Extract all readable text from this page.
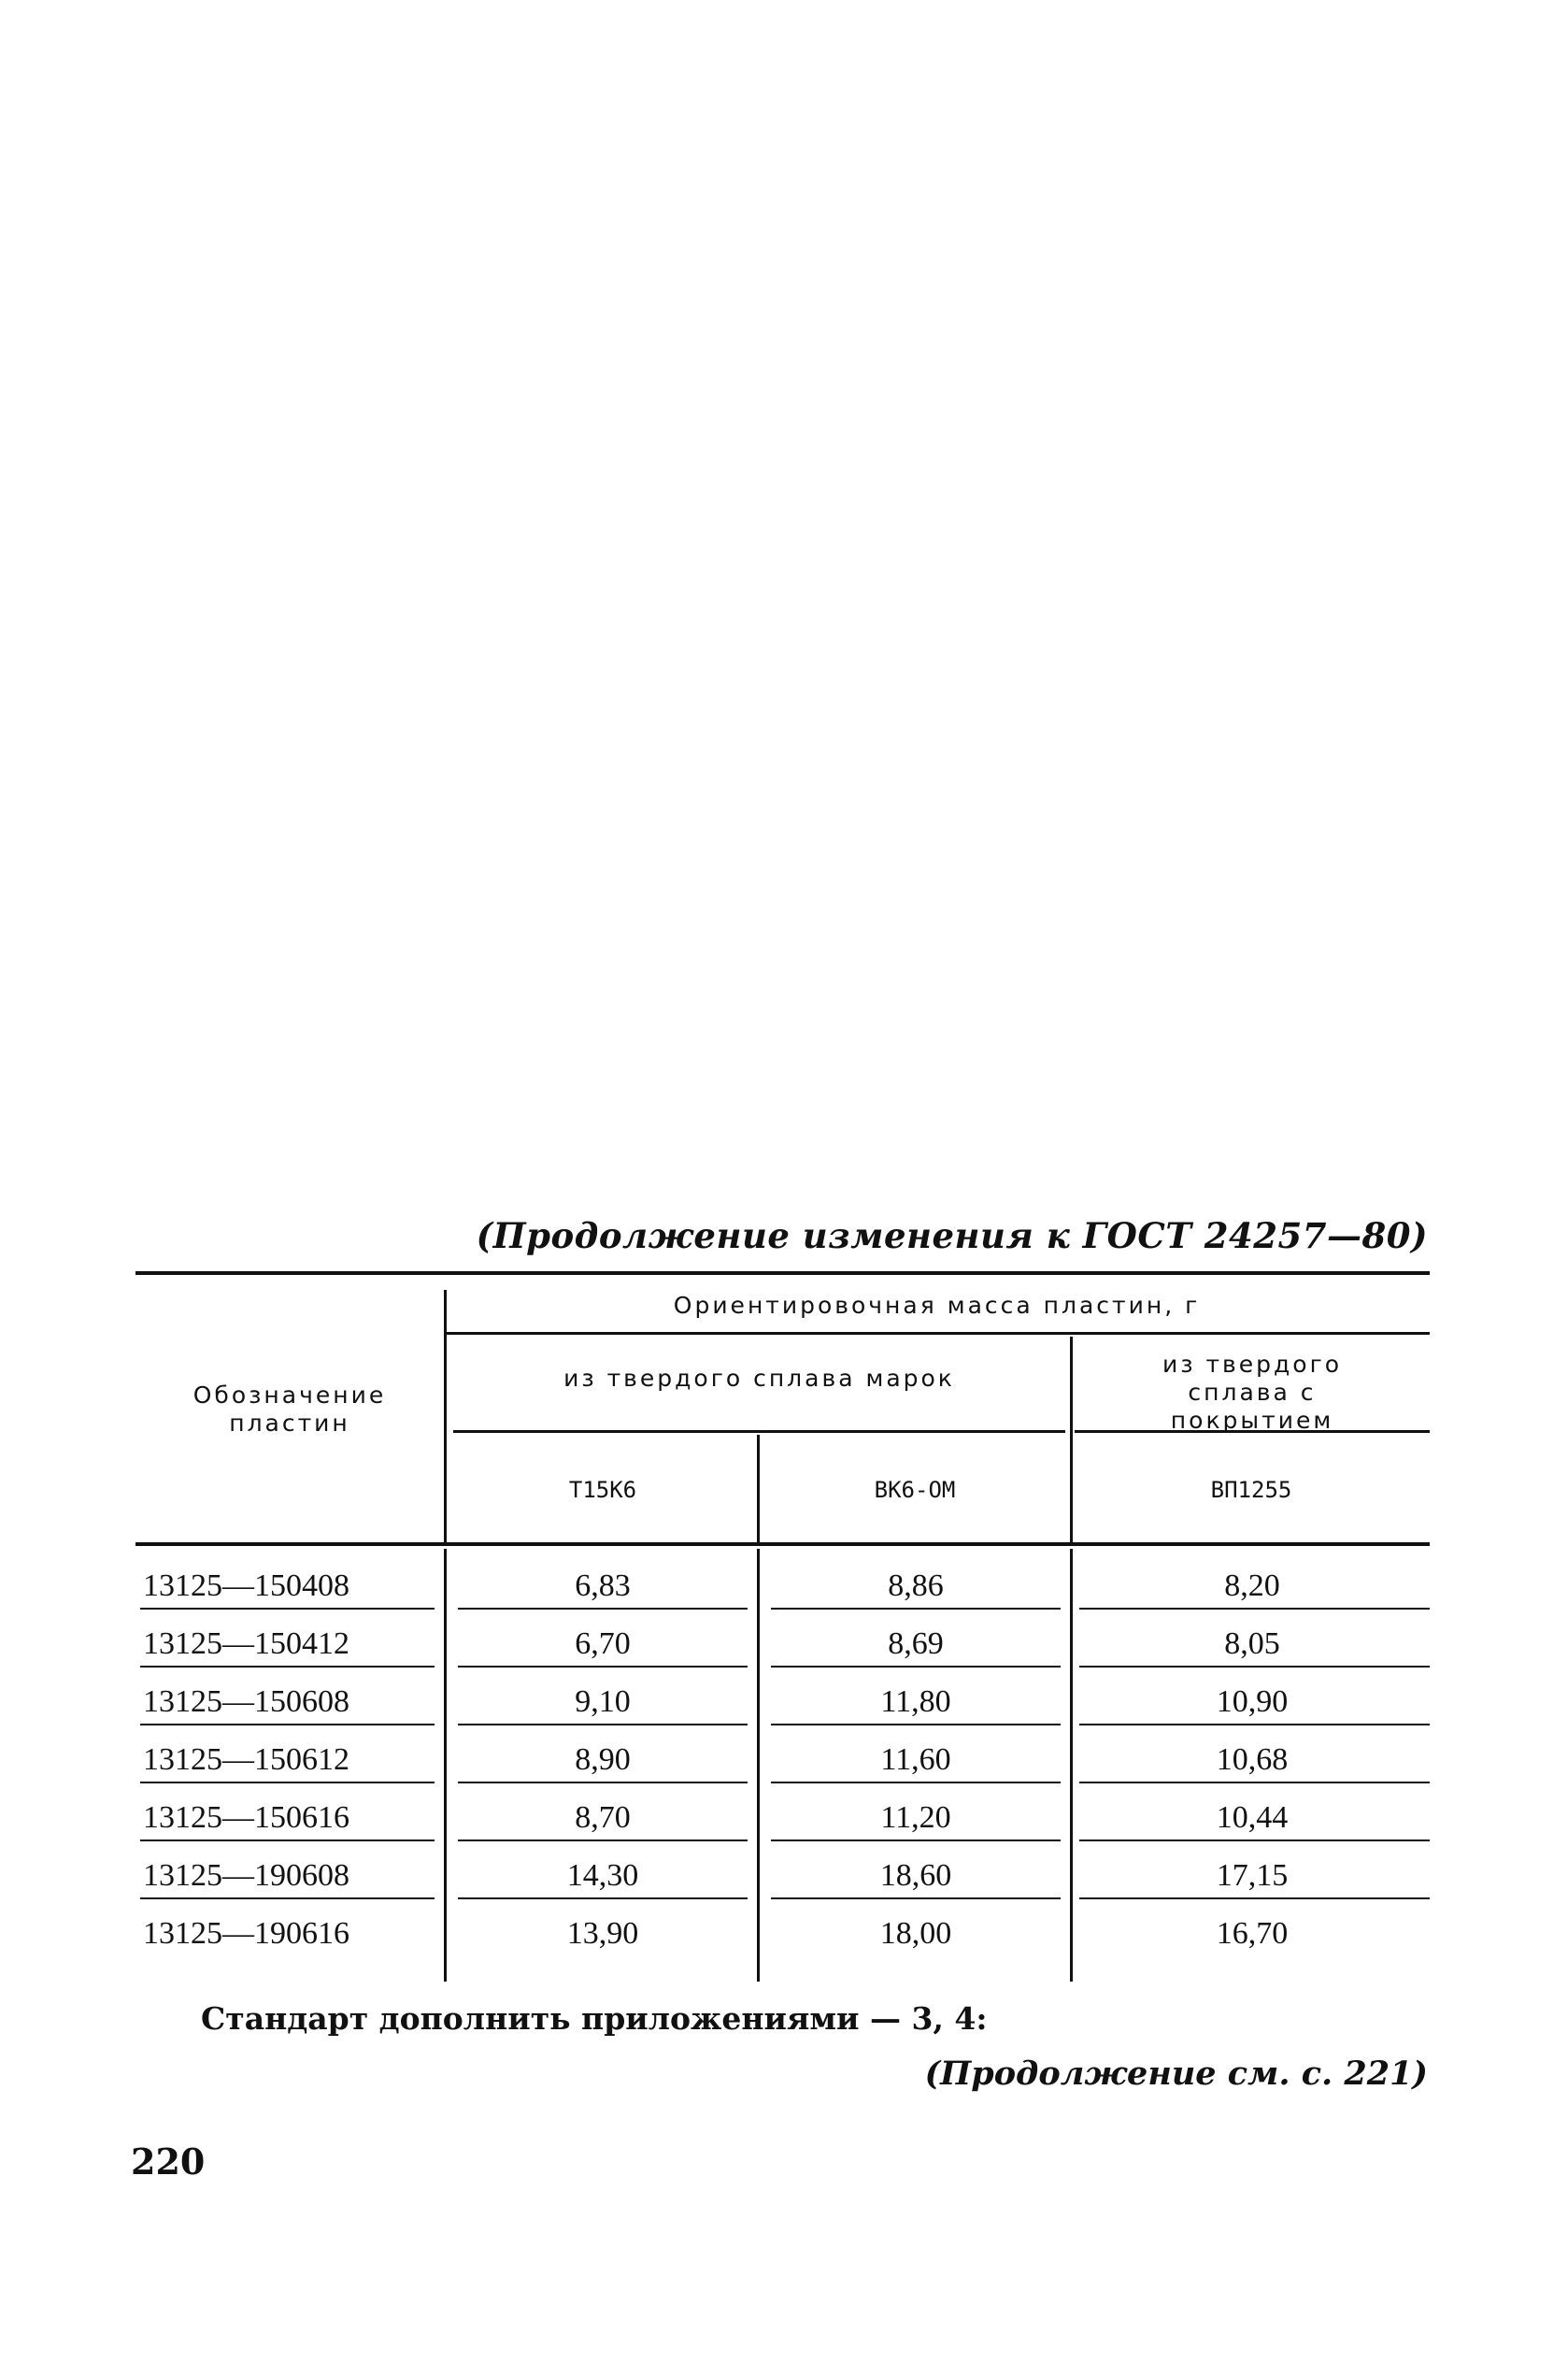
(Продолжение изменения к ГОСТ 24257—80)
Обозначение пластин
Ориентировочная масса пластин, г
из твердого сплава марок
из твердого сплава с покрытием
Т15К6	ВК6-ОМ	ВП1255
13125—150408	6,83	8,86	8,20
13125—150412	6,70	8,69	8,05
13125—150608	9,10	11,80	10,90
13125—150612	8,90	11,60	10,68
13125—150616	8,70	11,20	10,44
13125—190608	14,30	18,60	17,15
13125—190616	13,90	18,00	16,70
Стандарт дополнить приложениями — 3, 4:
(Продолжение см. с. 221)
220
